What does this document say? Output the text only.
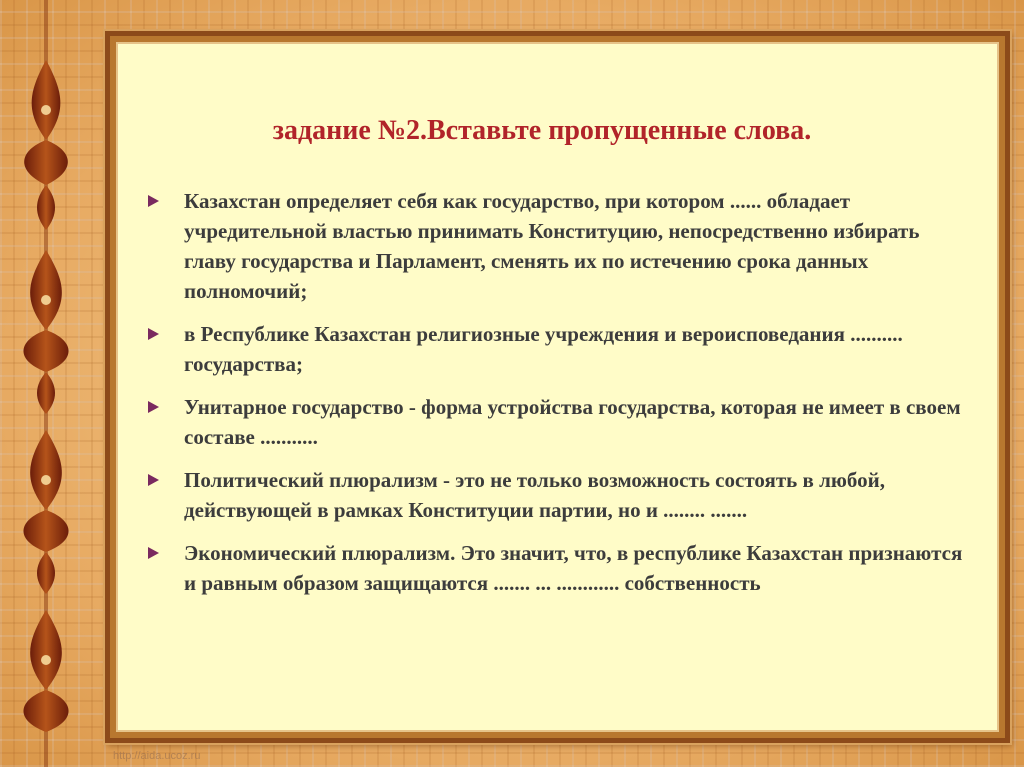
задание №2.Вставьте пропущенные слова.
Казахстан определяет себя как государство, при котором ...... обладает учредительной властью принимать Конституцию, непосредственно избирать главу государства и Парламент, сменять их по истечению срока данных полномочий;
в Республике Казахстан религиозные учреждения и вероисповедания .......... государства;
Унитарное государство - форма устройства государства, которая не имеет в своем составе ...........
Политический плюрализм - это не только возможность состоять в любой, действующей в рамках Конституции партии, но и ........ .......
Экономический плюрализм. Это значит, что, в республике Казахстан признаются и равным образом защищаются ....... ... ............ собственность
http://aida.ucoz.ru
